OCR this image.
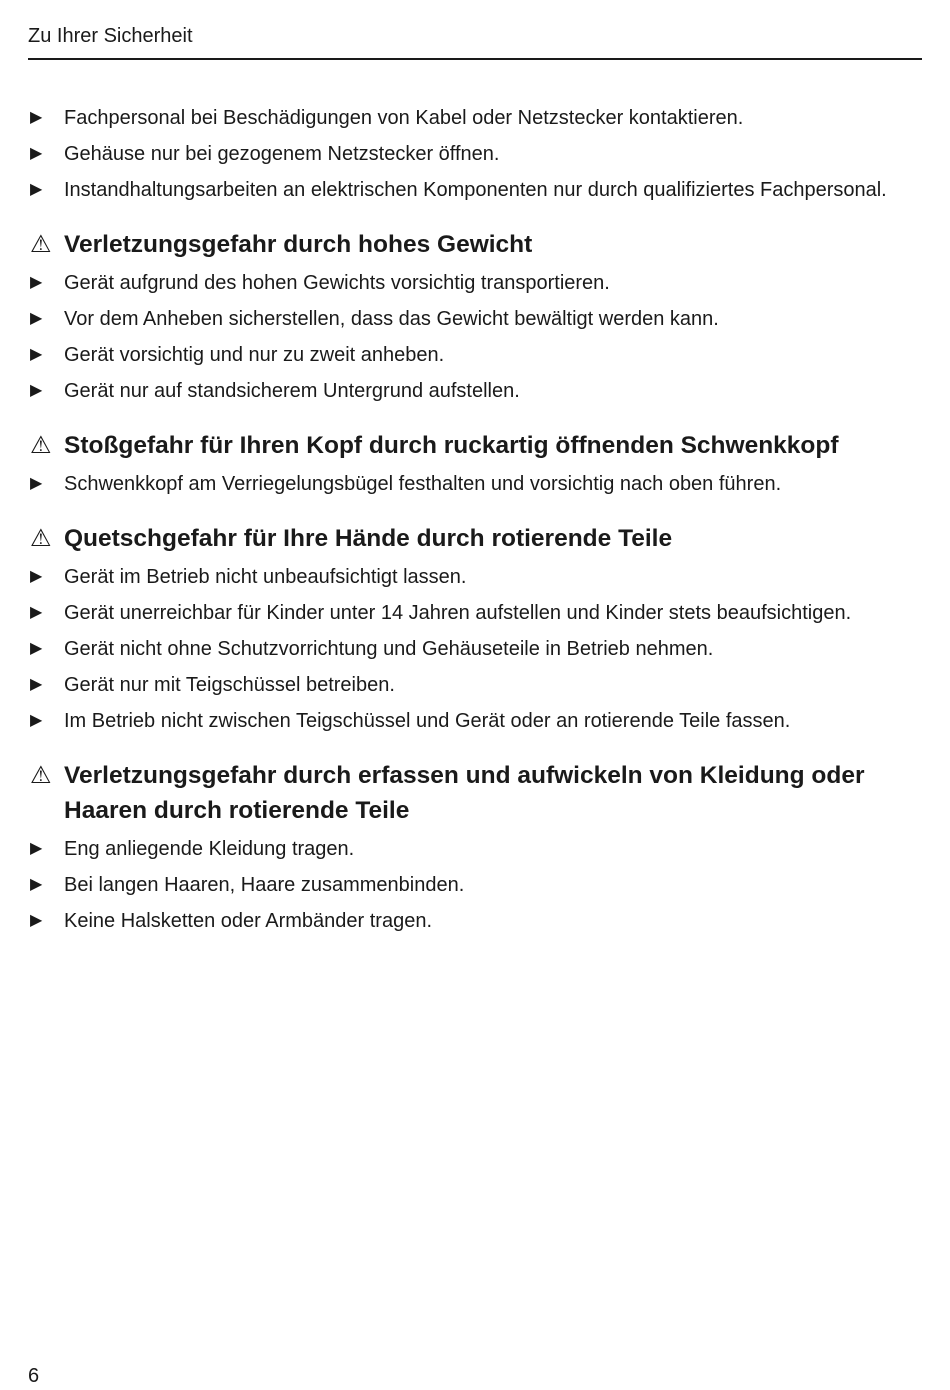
Zu Ihrer Sicherheit
▶	Fachpersonal bei Beschädigungen von Kabel oder Netzstecker kontaktieren.
▶	Gehäuse nur bei gezogenem Netzstecker öffnen.
▶	Instandhaltungsarbeiten an elektrischen Komponenten nur durch qualifiziertes Fachpersonal.
⚠ Verletzungsgefahr durch hohes Gewicht
▶	Gerät aufgrund des hohen Gewichts vorsichtig transportieren.
▶	Vor dem Anheben sicherstellen, dass das Gewicht bewältigt werden kann.
▶	Gerät vorsichtig und nur zu zweit anheben.
▶	Gerät nur auf standsicherem Untergrund aufstellen.
⚠ Stoßgefahr für Ihren Kopf durch ruckartig öffnenden Schwenkkopf
▶	Schwenkkopf am Verriegelungsbügel festhalten und vorsichtig nach oben führen.
⚠ Quetschgefahr für Ihre Hände durch rotierende Teile
▶	Gerät im Betrieb nicht unbeaufsichtigt lassen.
▶	Gerät unerreichbar für Kinder unter 14 Jahren aufstellen und Kinder stets beaufsichtigen.
▶	Gerät nicht ohne Schutzvorrichtung und Gehäuseteile in Betrieb nehmen.
▶	Gerät nur mit Teigschüssel betreiben.
▶	Im Betrieb nicht zwischen Teigschüssel und Gerät oder an rotierende Teile fassen.
⚠ Verletzungsgefahr durch erfassen und aufwickeln von Kleidung oder Haaren durch rotierende Teile
▶	Eng anliegende Kleidung tragen.
▶	Bei langen Haaren, Haare zusammenbinden.
▶	Keine Halsketten oder Armbänder tragen.
6
